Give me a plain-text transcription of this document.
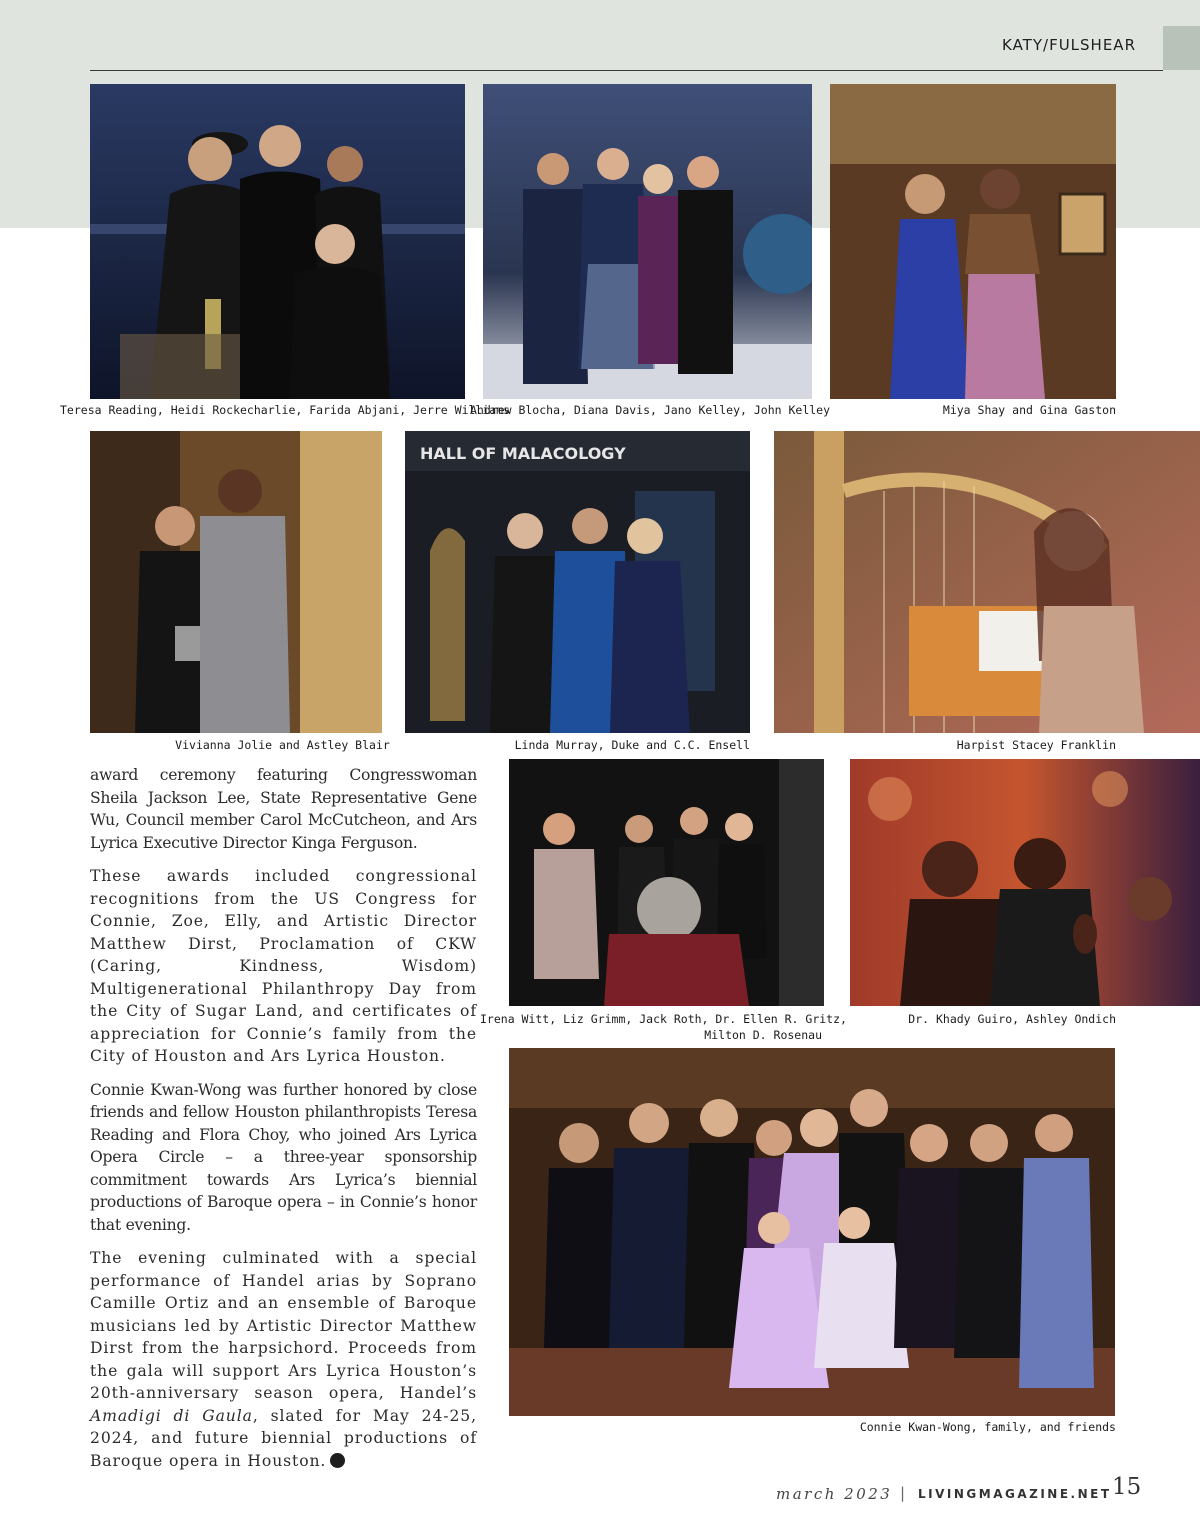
KATY/FULSHEAR
Teresa Reading, Heidi Rockecharlie, Farida Abjani, Jerre Williams
Andrew Blocha, Diana Davis, Jano Kelley, John Kelley	Miya Shay and Gina Gaston
Vivianna Jolie and Astley Blair
HALL OF MALACOLOGY
Linda Murray, Duke and C.C. Ensell	Harpist Stacey Franklin
Irena Witt, Liz Grimm, Jack Roth, Dr. Ellen R. Gritz,
Milton D. Rosenau
Dr. Khady Guiro, Ashley Ondich
Connie Kwan-Wong, family, and friends

award ceremony featuring Congresswoman Sheila Jackson Lee, State Representative Gene Wu, Council member Carol McCutcheon, and Ars Lyrica Executive Director Kinga Ferguson.

These awards included congressional recognitions from the US Congress for Connie, Zoe, Elly, and Artistic Director Matthew Dirst, Proclamation of CKW (Caring, Kindness, Wisdom) Multigenerational Philanthropy Day from the City of Sugar Land, and certificates of appreciation for Connie’s family from the City of Houston and Ars Lyrica Houston.

Connie Kwan-Wong was further honored by close friends and fellow Houston philanthropists Teresa Reading and Flora Choy, who joined Ars Lyrica Opera Circle – a three-year sponsorship commitment towards Ars Lyrica’s biennial productions of Baroque opera – in Connie’s honor that evening.

The evening culminated with a special performance of Handel arias by Soprano Camille Ortiz and an ensemble of Baroque musicians led by Artistic Director Matthew Dirst from the harpsichord. Proceeds from the gala will support Ars Lyrica Houston’s 20th-anniversary season opera, Handel’s Amadigi di Gaula, slated for May 24-25, 2024, and future biennial productions of Baroque opera in Houston.

march 2023 | LIVINGMAGAZINE.NET 15
